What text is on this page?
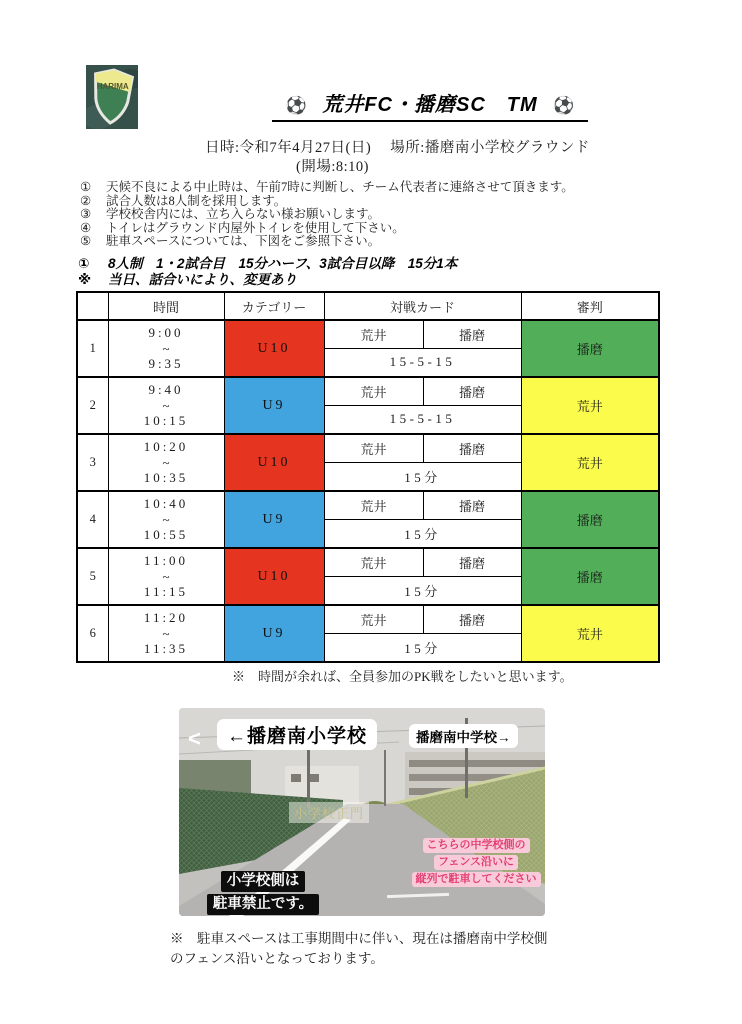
HARIMA
⚽ 荒井FC・播磨SC　TM ⚽
日時:令和7年4月27日(日)　 場所:播磨南小学校グラウンド
(開場:8:10)
①	天候不良による中止時は、午前7時に判断し、チーム代表者に連絡させて頂きます。
②	試合人数は8人制を採用します。
③	学校校舎内には、立ち入らない様お願いします。
④	トイレはグラウンド内屋外トイレを使用して下さい。
⑤	駐車スペースについては、下図をご参照下さい。
①	8人制　1・2試合目　15分ハーフ、3試合目以降　15分1本
※	当日、話合いにより、変更あり
	時間	カテゴリー	対戦カード		審判
1	9:00
~
9:35	U10	荒井	播磨	播磨
			15-5-15		
2	9:40
~
10:15	U9	荒井	播磨	荒井
			15-5-15		
3	10:20
~
10:35	U10	荒井	播磨	荒井
			15分		
4	10:40
~
10:55	U9	荒井	播磨	播磨
			15分		
5	11:00
~
11:15	U10	荒井	播磨	播磨
			15分		
6	11:20
~
11:35	U9	荒井	播磨	荒井
			15分		
※　時間が余れば、全員参加のPK戦をしたいと思います。
<	←播磨南小学校	播磨南中学校→
小学校正門
こちらの中学校側の
フェンス沿いに
縦列で駐車してください
小学校側は
駐車禁止です。
※　駐車スペースは工事期間中に伴い、現在は播磨南中学校側
のフェンス沿いとなっております。
